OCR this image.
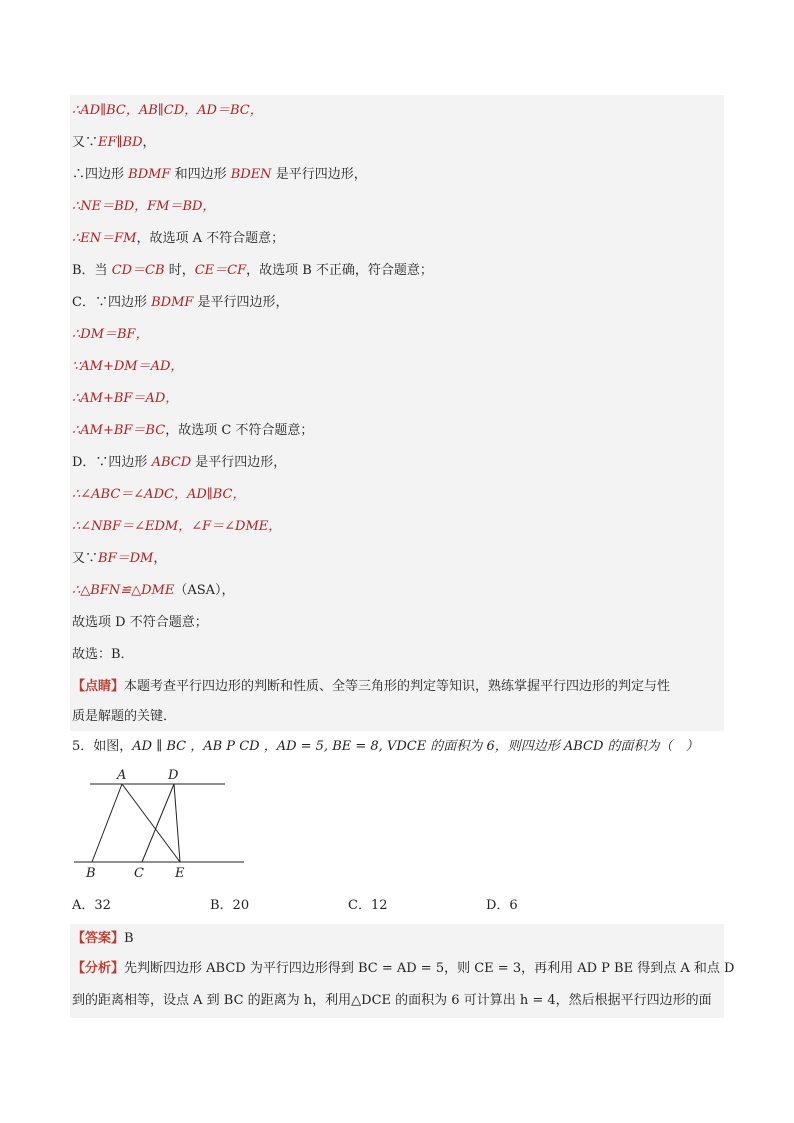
∴AD∥BC，AB∥CD，AD＝BC，
又∵EF∥BD，
∴四边形 BDMF 和四边形 BDEN 是平行四边形，
∴NE＝BD，FM＝BD，
∴EN＝FM，故选项 A 不符合题意；
B．当 CD＝CB 时，CE＝CF，故选项 B 不正确，符合题意；
C．∵四边形 BDMF 是平行四边形，
∴DM＝BF，
∵AM+DM＝AD，
∴AM+BF＝AD，
∴AM+BF＝BC，故选项 C 不符合题意；
D．∵四边形 ABCD 是平行四边形，
∴∠ABC＝∠ADC，AD∥BC，
∴∠NBF＝∠EDM，∠F＝∠DME，
又∵BF＝DM，
∴△BFN≌△DME（ASA），
故选项 D 不符合题意；
故选：B．
【点睛】本题考查平行四边形的判断和性质、全等三角形的判定等知识，熟练掌握平行四边形的判定与性
质是解题的关键．
5．如图，AD ∥ BC ，AB P CD ，AD = 5, BE = 8, VDCE 的面积为 6，则四边形 ABCD 的面积为（　）
A	D
B	C E
A．32	B．20	C．12	D．6
【答案】B
【分析】先判断四边形 ABCD 为平行四边形得到 BC = AD = 5，则 CE = 3，再利用 AD P BE 得到点 A 和点 D
到的距离相等，设点 A 到 BC 的距离为 h，利用△DCE 的面积为 6 可计算出 h = 4，然后根据平行四边形的面
